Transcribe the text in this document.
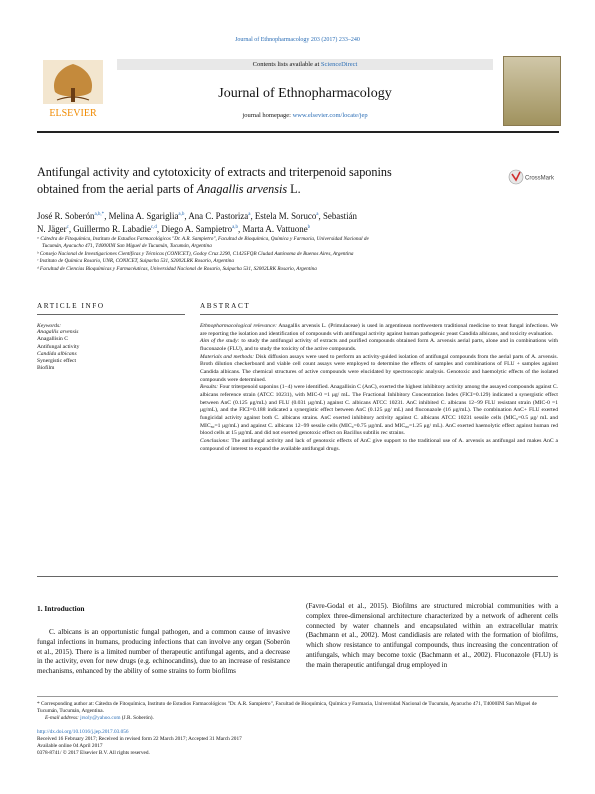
Journal of Ethnopharmacology 203 (2017) 233–240
ELSEVIER
Contents lists available at ScienceDirect
Journal of Ethnopharmacology
journal homepage: www.elsevier.com/locate/jep
Antifungal activity and cytotoxicity of extracts and triterpenoid saponins
obtained from the aerial parts of Anagallis arvensis L.
CrossMark
José R. Soberón$^{a,b,*}$, Melina A. Sgariglia$^{a,b}$, Ana C. Pastoriza$^a$, Estela M. Soruco$^a$, Sebastián
N. Jäger$^c$, Guillermo R. Labadie$^{c,d}$, Diego A. Sampietro$^{a,b}$, Marta A. Vattuone$^b$
ᵃ Cátedra de Fitoquímica, Instituto de Estudios Farmacológicos "Dr. A.R. Sampietro", Facultad de Bioquímica, Química y Farmacia, Universidad Nacional de
Tucumán, Ayacucho 471, T4000INI San Miguel de Tucumán, Tucumán, Argentina
ᵇ Consejo Nacional de Investigaciones Científicas y Técnicas (CONICET), Godoy Cruz 2290, C1425FQB Ciudad Autónoma de Buenos Aires, Argentina
ᶜ Instituto de Química Rosario, UNR, CONICET, Suipacha 531, S2002LRK Rosario, Argentina
ᵈ Facultad de Ciencias Bioquímicas y Farmacéuticas, Universidad Nacional de Rosario, Suipacha 531, S2002LRK Rosario, Argentina
ARTICLE INFO
Keywords:
Anagallis arvensis
Anagallisin C
Antifungal activity
Candida albicans
Synergistic effect
Biofilm
ABSTRACT

Ethnopharmacological relevance: Anagallis arvensis L. (Primulaceae) is used in argentinean northwestern traditional medicine to treat fungal infections. We are reporting the isolation and identification of compounds with antifungal activity against human pathogenic yeast Candida albicans, and toxicity evaluation.

Aim of the study: to study the antifungal activity of extracts and purified compounds obtained form A. arvensis aerial parts, alone and in combinations with fluconazole (FLU), and to study the toxicity of the active compounds.

Materials and methods: Disk diffusion assays were used to perform an activity-guided isolation of antifungal compounds from the aerial parts of A. arvensis. Broth dilution checkerboard and viable cell count assays were employed to determine the effects of samples and combinations of FLU + samples against Candida albicans. The chemical structures of active compounds were elucidated by spectroscopic analysis. Genotoxic and haemolytic effects of the isolated compounds were determined.

Results: Four triterpenoid saponins (1−4) were identified. Anagallisin C (AnC), exerted the highest inhibitory activity among the assayed compounds against C. albicans reference strain (ATCC 10231), with MIC-0 =1 μg/ mL. The Fractional Inhibitory Concentration Index (FICI=0.129) indicated a synergistic effect between AnC (0.125 μg/mL) and FLU (0.031 μg/mL) against C. albicans ATCC 10231. AnC inhibited C. albicans 12−99 FLU resistant strain (MIC-0 =1 μg/mL), and the FICI=0.188 indicated a synergistic effect between AnC (0.125 μg/ mL) and fluconazole (16 μg/mL). The combination AnC+ FLU exerted fungicidal activity against both C. albicans strains. AnC exerted inhibitory activity against C. albicans ATCC 10231 sessile cells (MIC₀=0.5 μg/ mL and MIC₈₀=1 μg/mL) and against C. albicans 12−99 sessile cells (MIC₀=0.75 μg/mL and MIC₈₀=1.25 μg/ mL). AnC exerted haemolytic effect against human red blood cells at 15 μg/mL and did not exerted genotoxic effect on Bacillus subtilis rec strains.

Conclusions: The antifungal activity and lack of genotoxic effects of AnC give support to the traditional use of A. arvensis as antifungal and makes AnC a compound of interest to expand the available antifungal drugs.

1. Introduction

C. albicans is an opportunistic fungal pathogen, and a common cause of invasive fungal infections in humans, producing infections that can involve any organ (Soberón et al., 2015). There is a limited number of therapeutic antifungal agents, and a decrease in the activity, even for new drugs (e.g. echinocandins), due to an increase of resistance mechanisms, enhanced by the ability of some strains to form biofilms

(Favre-Godal et al., 2015). Biofilms are structured microbial communities with a complex three-dimensional architecture characterized by a network of adherent cells connected by water channels and encapsulated within an extracellular matrix (Bachmann et al., 2002). Most candidiasis are related with the formation of biofilms, which show resistance to antifungal compounds, thus increasing the concentration of antifungals, which may become toxic (Bachmann et al., 2002). Fluconazole (FLU) is the main therapeutic antifungal drug employed in

* Corresponding author at: Cátedra de Fitoquímica, Instituto de Estudios Farmacológicos "Dr. A.R. Sampietro", Facultad de Bioquímica, Química y Farmacia, Universidad Nacional de Tucumán, Ayacucho 471, T4000INI San Miguel de Tucumán, Tucumán, Argentina.
E-mail address: jrsoly@yahoo.com (J.R. Soberón).
http://dx.doi.org/10.1016/j.jep.2017.03.056
Received 16 February 2017; Received in revised form 22 March 2017; Accepted 31 March 2017
Available online 04 April 2017
0378-8741/ © 2017 Elsevier B.V. All rights reserved.
